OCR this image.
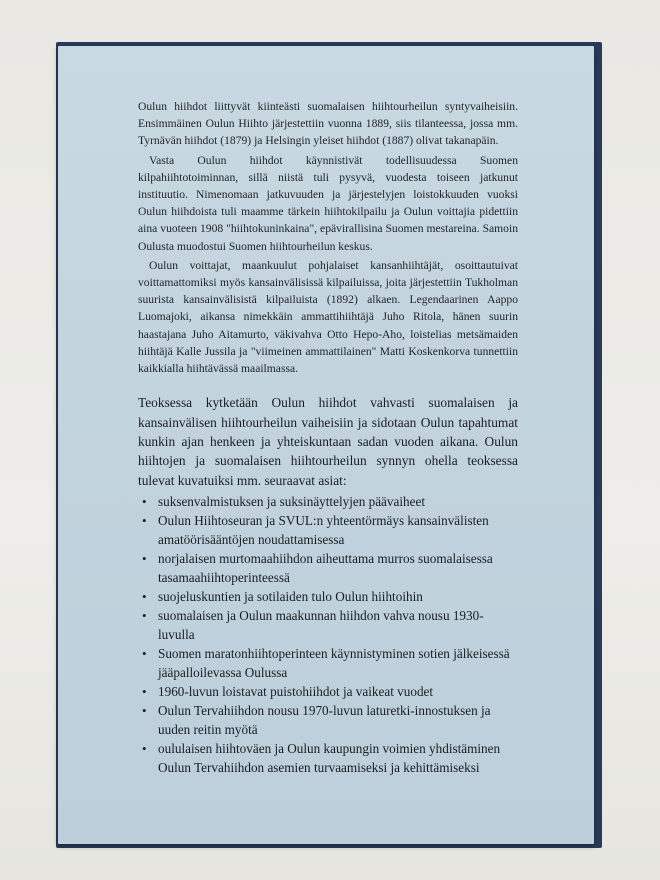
Oulun hiihdot liittyvät kiinteästi suomalaisen hiihtourheilun syntyvaiheisiin. Ensimmäinen Oulun Hiihto järjestettiin vuonna 1889, siis tilanteessa, jossa mm. Tyrnävän hiihdot (1879) ja Helsingin yleiset hiihdot (1887) olivat takanapäin.

Vasta Oulun hiihdot käynnistivät todellisuudessa Suomen kilpahiihtotoiminnan, sillä niistä tuli pysyvä, vuodesta toiseen jatkunut instituutio. Nimenomaan jatkuvuuden ja järjestelyjen loistokkuuden vuoksi Oulun hiihdoista tuli maamme tärkein hiihtokilpailu ja Oulun voittajia pidettiin aina vuoteen 1908 "hiihtokuninkaina", epävirallisina Suomen mestareina. Samoin Oulusta muodostui Suomen hiihtourheilun keskus.

Oulun voittajat, maankuulut pohjalaiset kansanhiihtäjät, osoittautuivat voittamattomiksi myös kansainvälisissä kilpailuissa, joita järjestettiin Tukholman suurista kansainvälisistä kilpailuista (1892) alkaen. Legendaarinen Aappo Luomajoki, aikansa nimekkäin ammattihiihtäjä Juho Ritola, hänen suurin haastajana Juho Aitamurto, väkivahva Otto Hepo-Aho, loistelias metsämaiden hiihtäjä Kalle Jussila ja "viimeinen ammattilainen" Matti Koskenkorva tunnettiin kaikkialla hiihtävässä maailmassa.

Teoksessa kytketään Oulun hiihdot vahvasti suomalaisen ja kansainvälisen hiihtourheilun vaiheisiin ja sidotaan Oulun tapahtumat kunkin ajan henkeen ja yhteiskuntaan sadan vuoden aikana. Oulun hiihtojen ja suomalaisen hiihtourheilun synnyn ohella teoksessa tulevat kuvatuiksi mm. seuraavat asiat:

• suksenvalmistuksen ja suksinäyttelyjen päävaiheet
• Oulun Hiihtoseuran ja SVUL:n yhteentörmäys kansainvälisten amatöörisääntöjen noudattamisessa
• norjalaisen murtomaahiihdon aiheuttama murros suomalaisessa tasamaahiihtoperinteessä
• suojeluskuntien ja sotilaiden tulo Oulun hiihtoihin
• suomalaisen ja Oulun maakunnan hiihdon vahva nousu 1930-luvulla
• Suomen maratonhiihtoperinteen käynnistyminen sotien jälkeisessä jääpalloilevassa Oulussa
• 1960-luvun loistavat puistohiihdot ja vaikeat vuodet
• Oulun Tervahiihdon nousu 1970-luvun laturetki-innostuksen ja uuden reitin myötä
• oululaisen hiihtoväen ja Oulun kaupungin voimien yhdistäminen Oulun Tervahiihdon asemien turvaamiseksi ja kehittämiseksi
